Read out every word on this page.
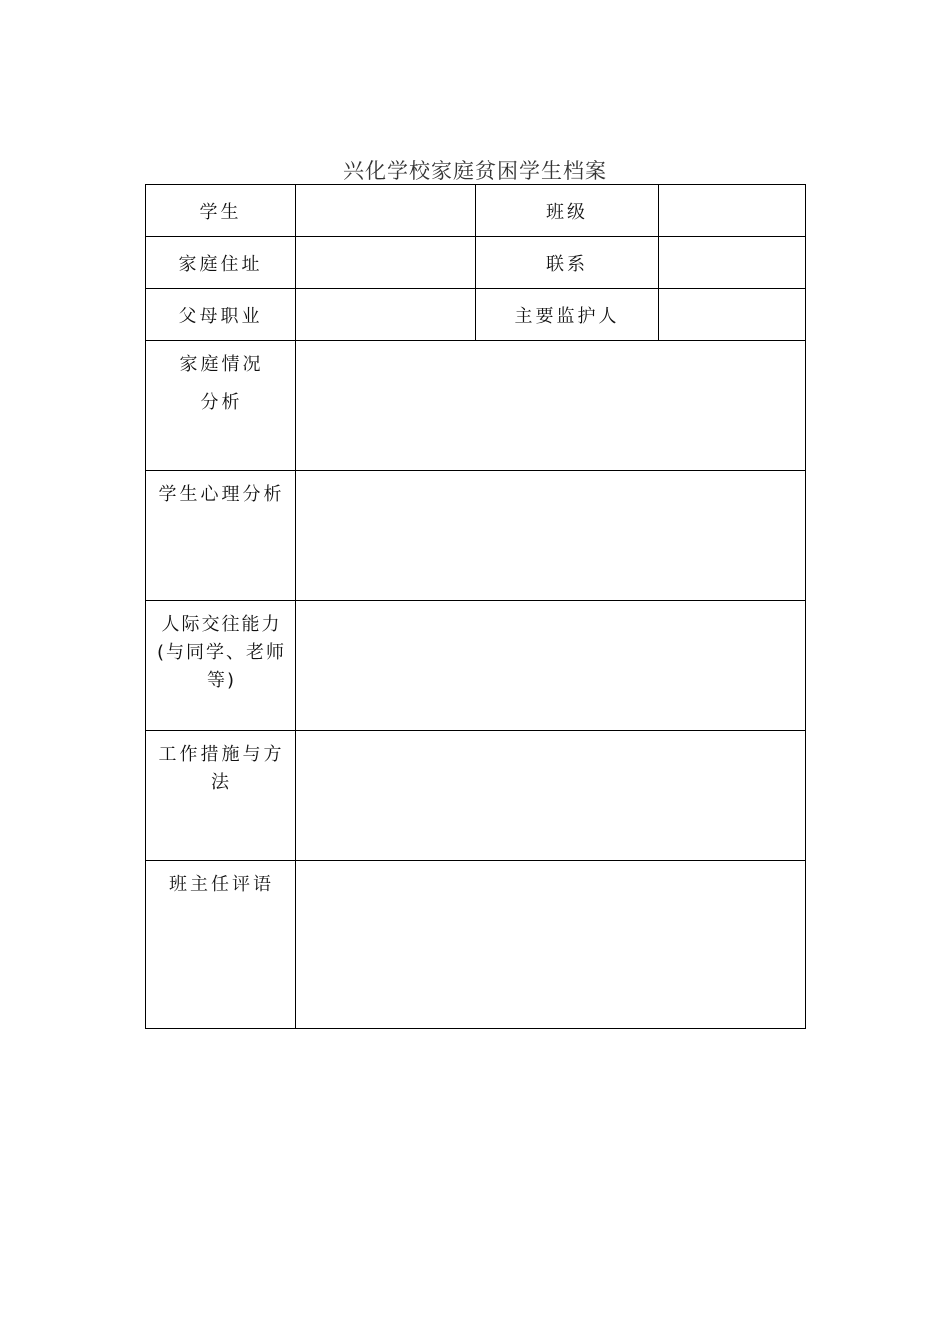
兴化学校家庭贫困学生档案
学生		班级	
家庭住址		联系	
父母职业		主要监护人	

家庭情况
分析			

学生心理分析			

人际交往能力
(与同学、老师
等)			

工作措施与方
法			

班主任评语			
